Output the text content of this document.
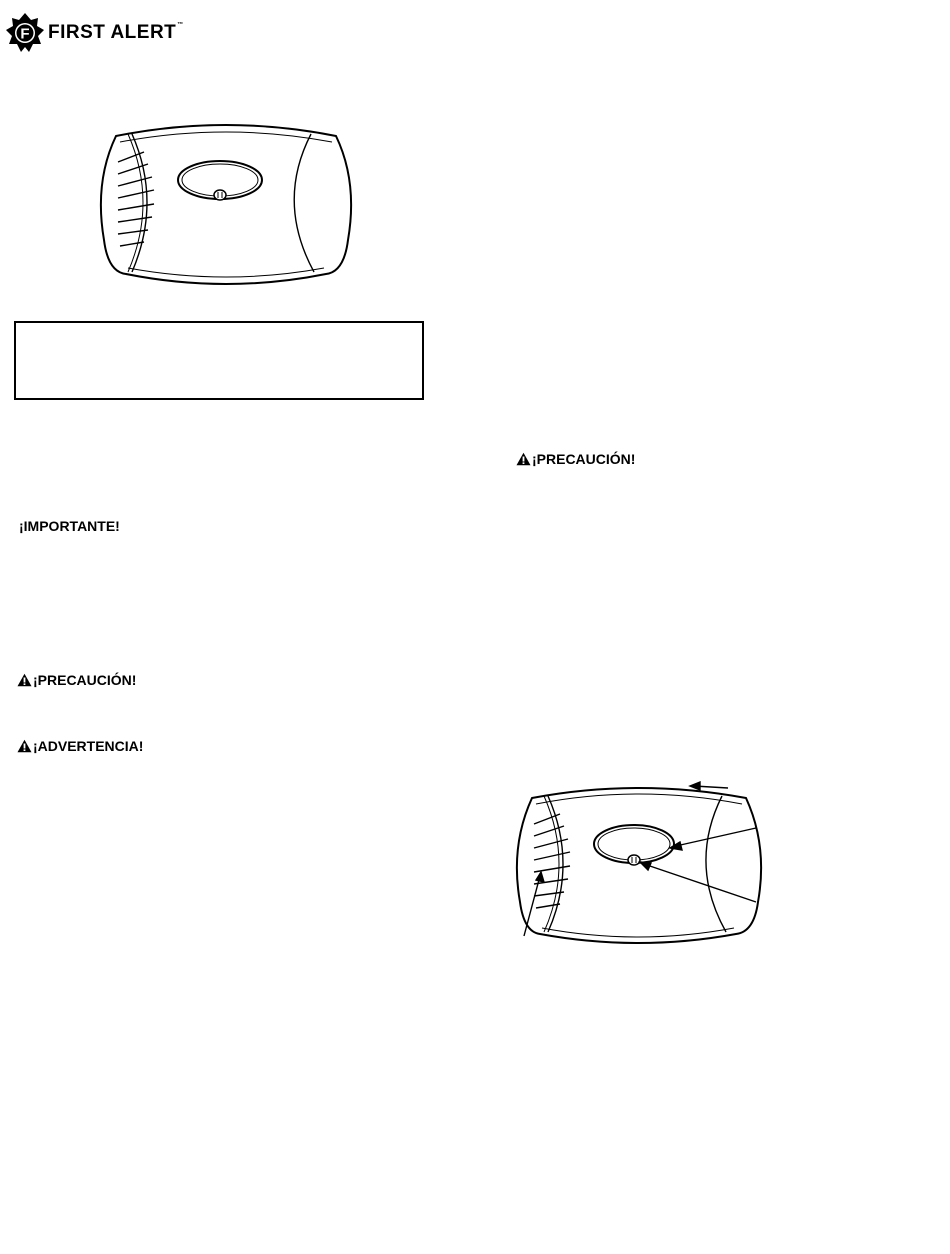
F FIRST ALERT™
¡IMPORTANTE!
¡PRECAUCIÓN!
¡ADVERTENCIA!
¡PRECAUCIÓN!
